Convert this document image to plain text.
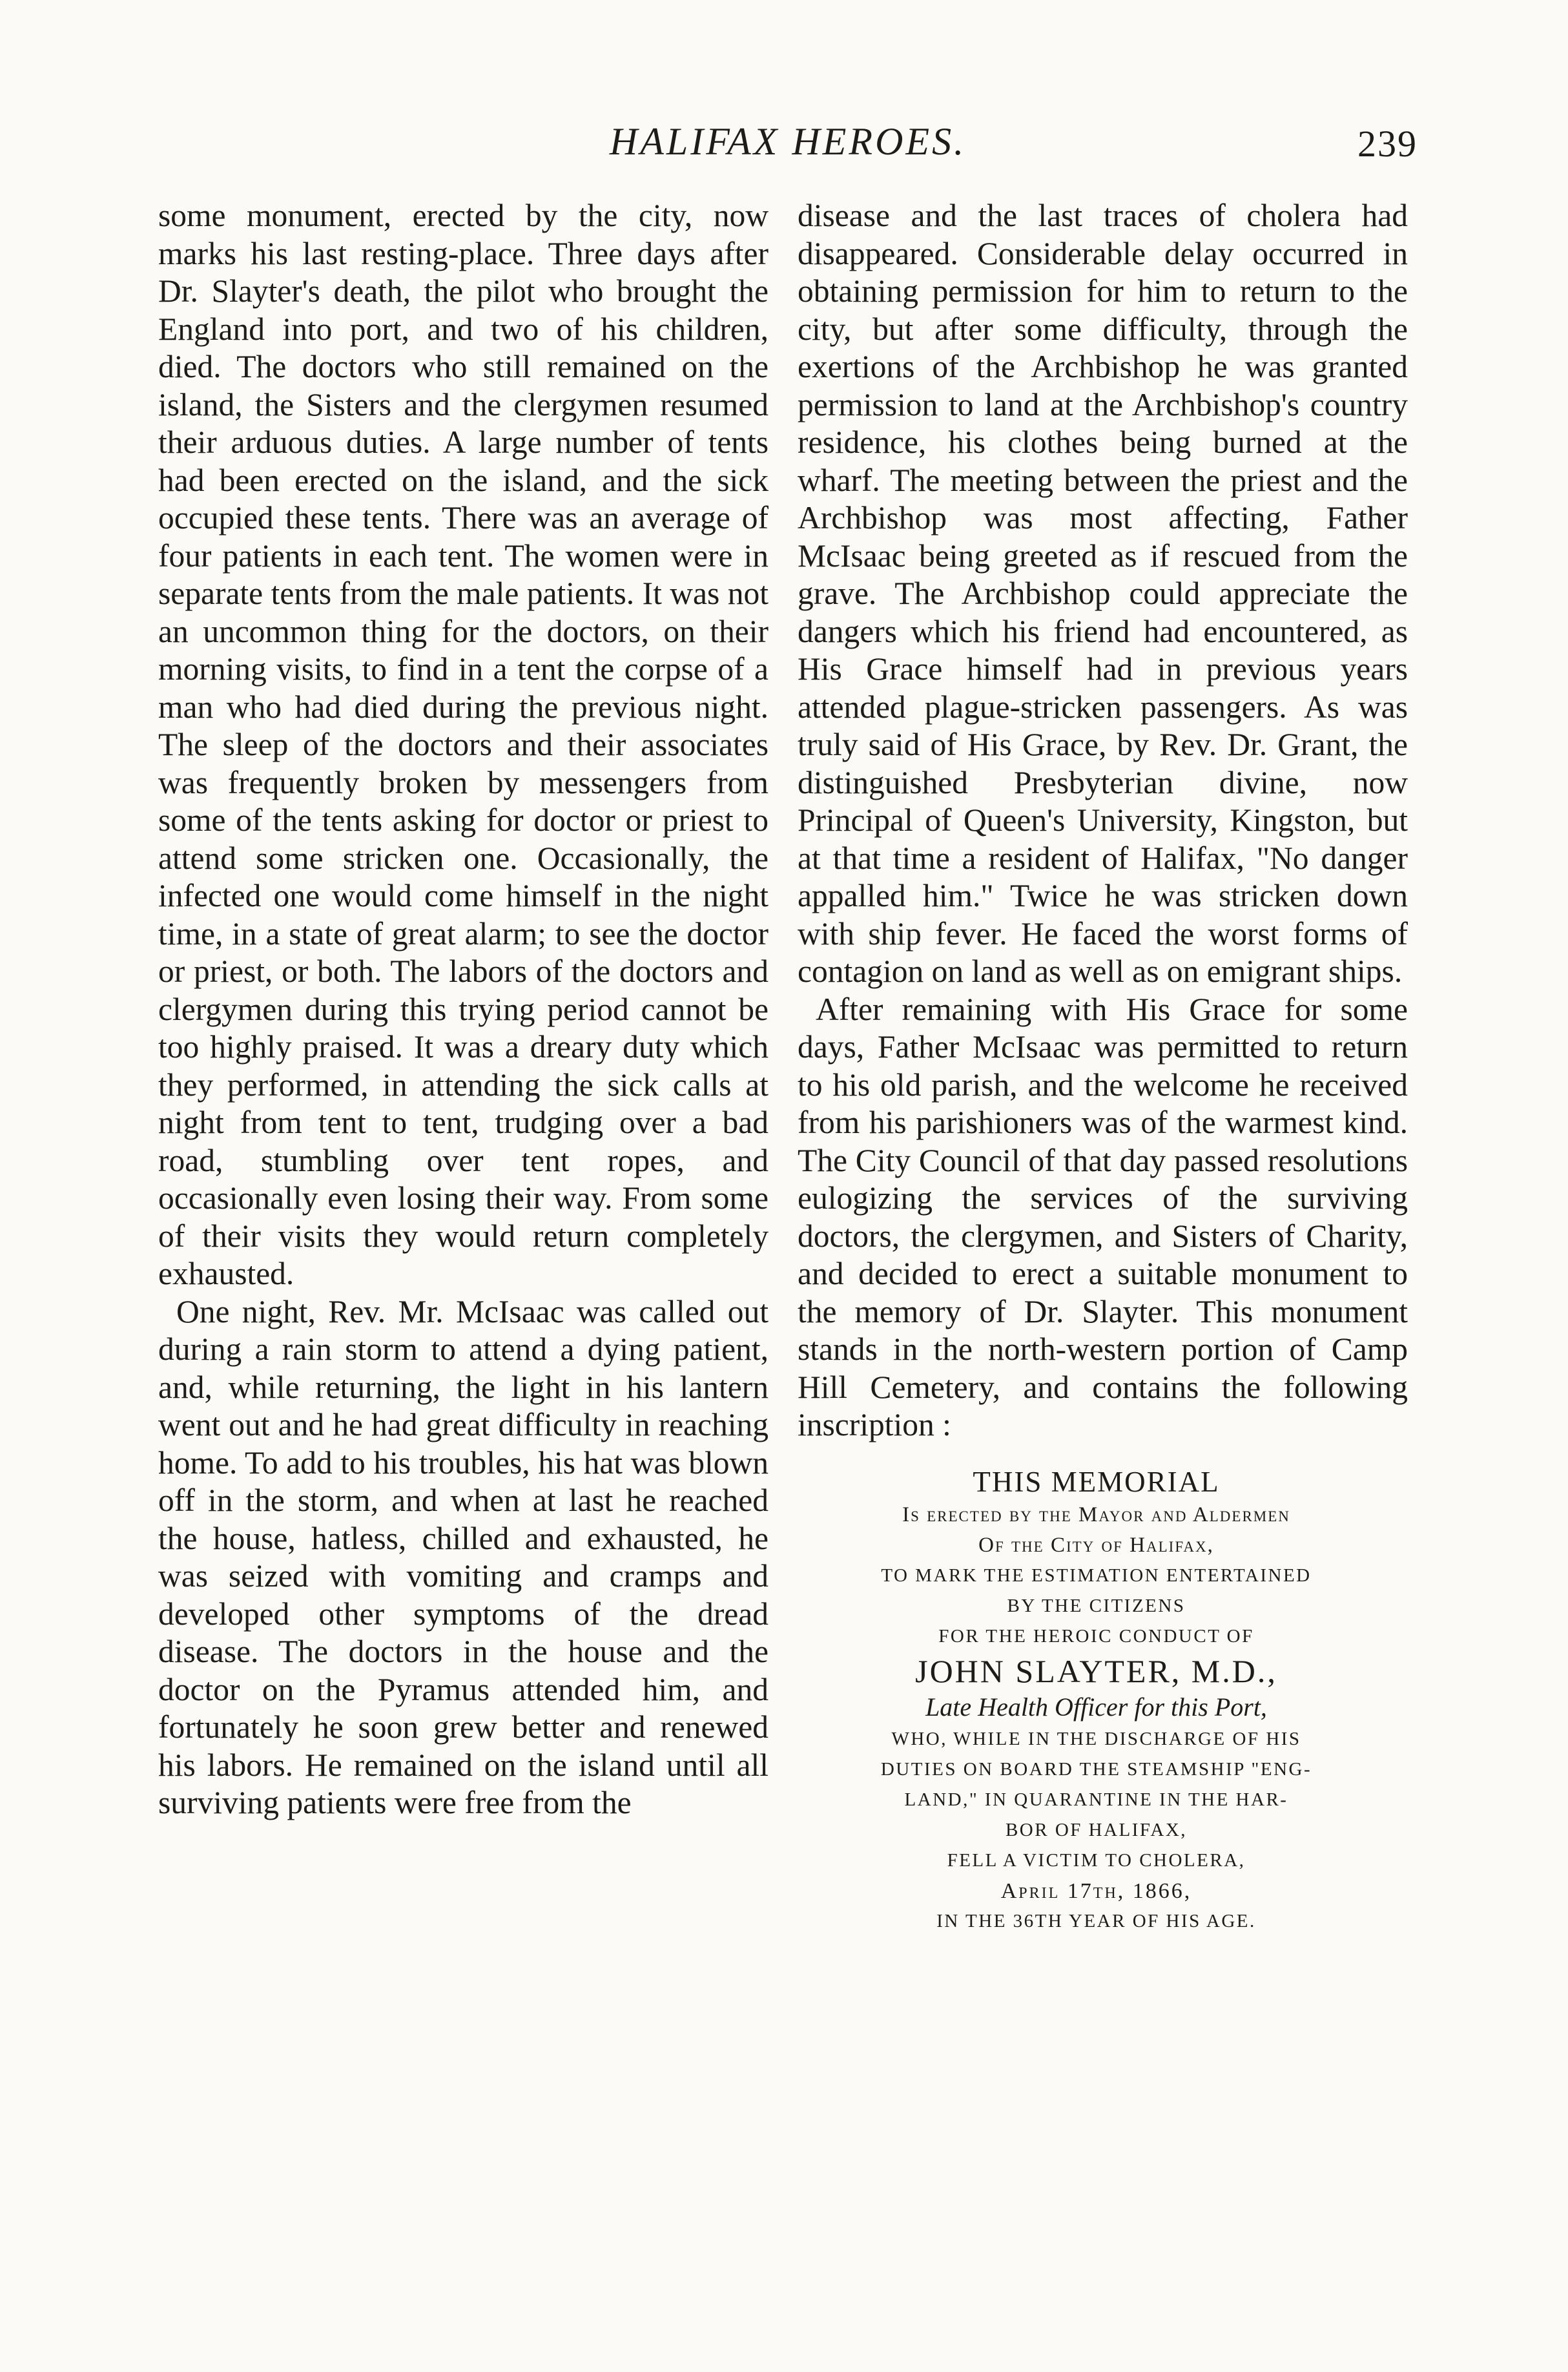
HALIFAX HEROES.	239

some monument, erected by the city, now marks his last resting-place. Three days after Dr. Slayter's death, the pilot who brought the England into port, and two of his children, died. The doctors who still remained on the island, the Sisters and the clergymen resumed their arduous duties. A large number of tents had been erected on the island, and the sick occupied these tents. There was an average of four patients in each tent. The women were in separate tents from the male patients. It was not an uncommon thing for the doctors, on their morning visits, to find in a tent the corpse of a man who had died during the previous night. The sleep of the doctors and their associates was frequently broken by messengers from some of the tents asking for doctor or priest to attend some stricken one. Occasionally, the infected one would come himself in the night time, in a state of great alarm; to see the doctor or priest, or both. The labors of the doctors and clergymen during this trying period cannot be too highly praised. It was a dreary duty which they performed, in attending the sick calls at night from tent to tent, trudging over a bad road, stumbling over tent ropes, and occasionally even losing their way. From some of their visits they would return completely exhausted.

One night, Rev. Mr. McIsaac was called out during a rain storm to attend a dying patient, and, while returning, the light in his lantern went out and he had great difficulty in reaching home. To add to his troubles, his hat was blown off in the storm, and when at last he reached the house, hatless, chilled and exhausted, he was seized with vomiting and cramps and developed other symptoms of the dread disease. The doctors in the house and the doctor on the Pyramus attended him, and fortunately he soon grew better and renewed his labors. He remained on the island until all surviving patients were free from the

disease and the last traces of cholera had disappeared. Considerable delay occurred in obtaining permission for him to return to the city, but after some difficulty, through the exertions of the Archbishop he was granted permission to land at the Archbishop's country residence, his clothes being burned at the wharf. The meeting between the priest and the Archbishop was most affecting, Father McIsaac being greeted as if rescued from the grave. The Archbishop could appreciate the dangers which his friend had encountered, as His Grace himself had in previous years attended plague-stricken passengers. As was truly said of His Grace, by Rev. Dr. Grant, the distinguished Presbyterian divine, now Principal of Queen's University, Kingston, but at that time a resident of Halifax, "No danger appalled him." Twice he was stricken down with ship fever. He faced the worst forms of contagion on land as well as on emigrant ships.

After remaining with His Grace for some days, Father McIsaac was permitted to return to his old parish, and the welcome he received from his parishioners was of the warmest kind. The City Council of that day passed resolutions eulogizing the services of the surviving doctors, the clergymen, and Sisters of Charity, and decided to erect a suitable monument to the memory of Dr. Slayter. This monument stands in the north-western portion of Camp Hill Cemetery, and contains the following inscription :

THIS MEMORIAL
Is erected by the Mayor and Aldermen
Of the City of Halifax,
TO MARK THE ESTIMATION ENTERTAINED
BY THE CITIZENS
FOR THE HEROIC CONDUCT OF
JOHN SLAYTER, M.D.,
Late Health Officer for this Port,
WHO, WHILE IN THE DISCHARGE OF HIS
DUTIES ON BOARD THE STEAMSHIP "ENG-
LAND," IN QUARANTINE IN THE HAR-
BOR OF HALIFAX,
FELL A VICTIM TO CHOLERA,
April 17th, 1866,
IN THE 36TH YEAR OF HIS AGE.
